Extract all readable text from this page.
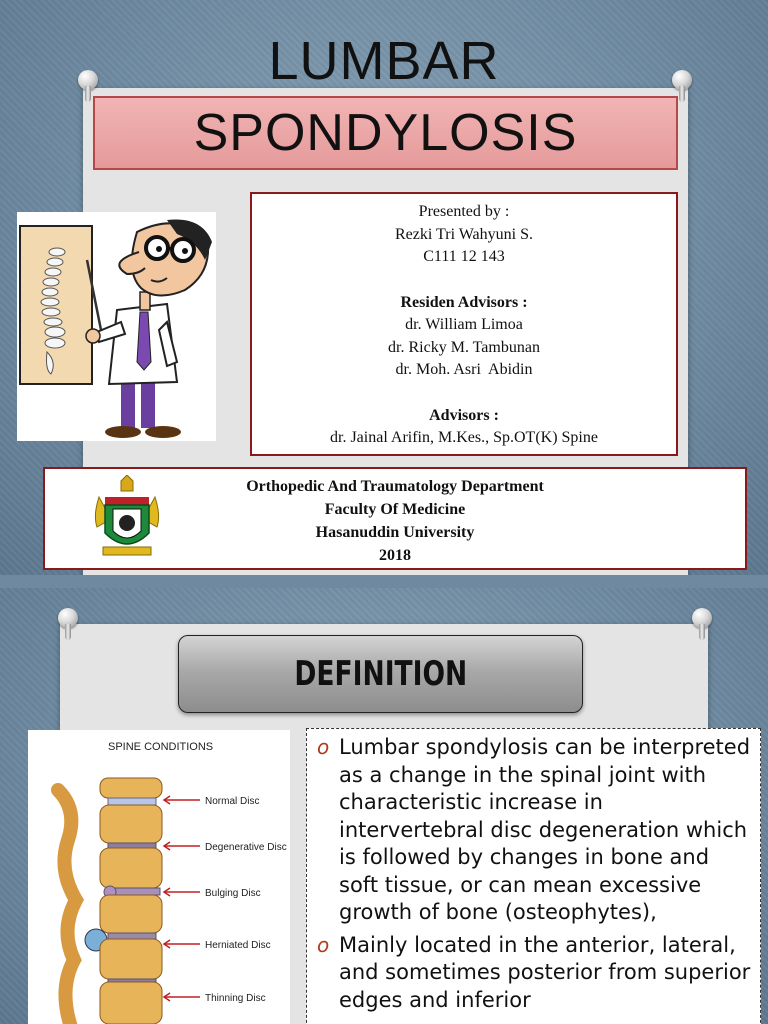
LUMBAR
SPONDYLOSIS
Presented by :
Rezki Tri Wahyuni S.
C111 12 143
Residen Advisors :
dr. William Limoa
dr. Ricky M. Tambunan
dr. Moh. Asri  Abidin
Advisors :
dr. Jainal Arifin, M.Kes., Sp.OT(K) Spine
Orthopedic And Traumatology Department
Faculty Of Medicine
Hasanuddin University
2018
DEFINITION
SPINE CONDITIONS
Normal Disc
Degenerative Disc
Bulging Disc
Herniated Disc
Thinning Disc
o Lumbar spondylosis can be interpreted as a change in the spinal joint with characteristic increase in intervertebral disc degeneration which is followed by changes in bone and soft tissue, or can mean excessive growth of bone (osteophytes),
o Mainly located in the anterior, lateral, and sometimes posterior from superior edges and inferior
